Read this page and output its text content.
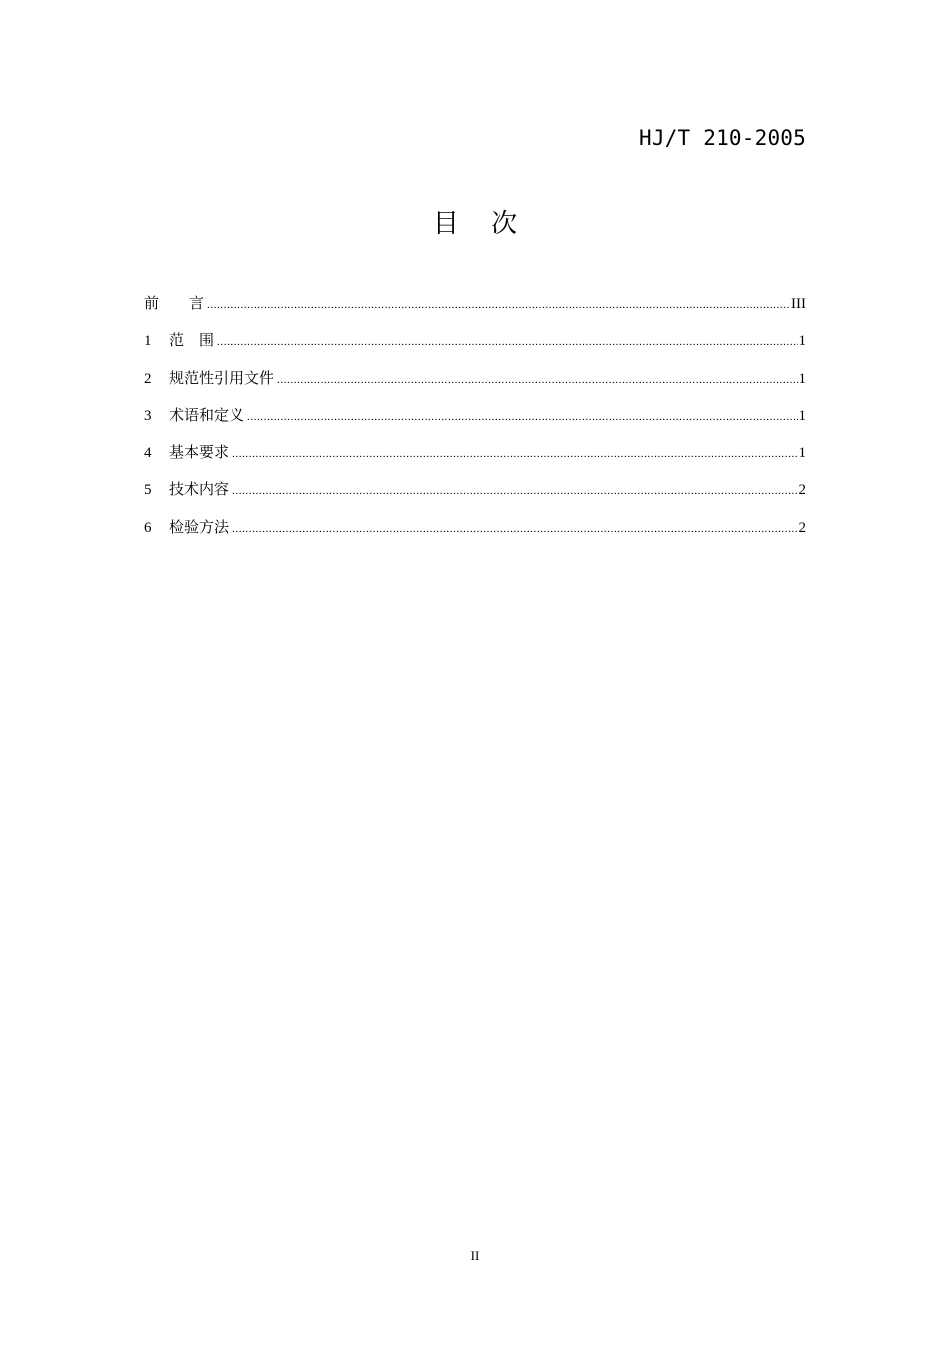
HJ/T 210-2005
目 次
前　　言 .....	III
1	范　围 .....	1
2	规范性引用文件 .....	1
3	术语和定义 .....	1
4	基本要求 .....	1
5	技术内容 .....	2
6	检验方法 .....	2
II
